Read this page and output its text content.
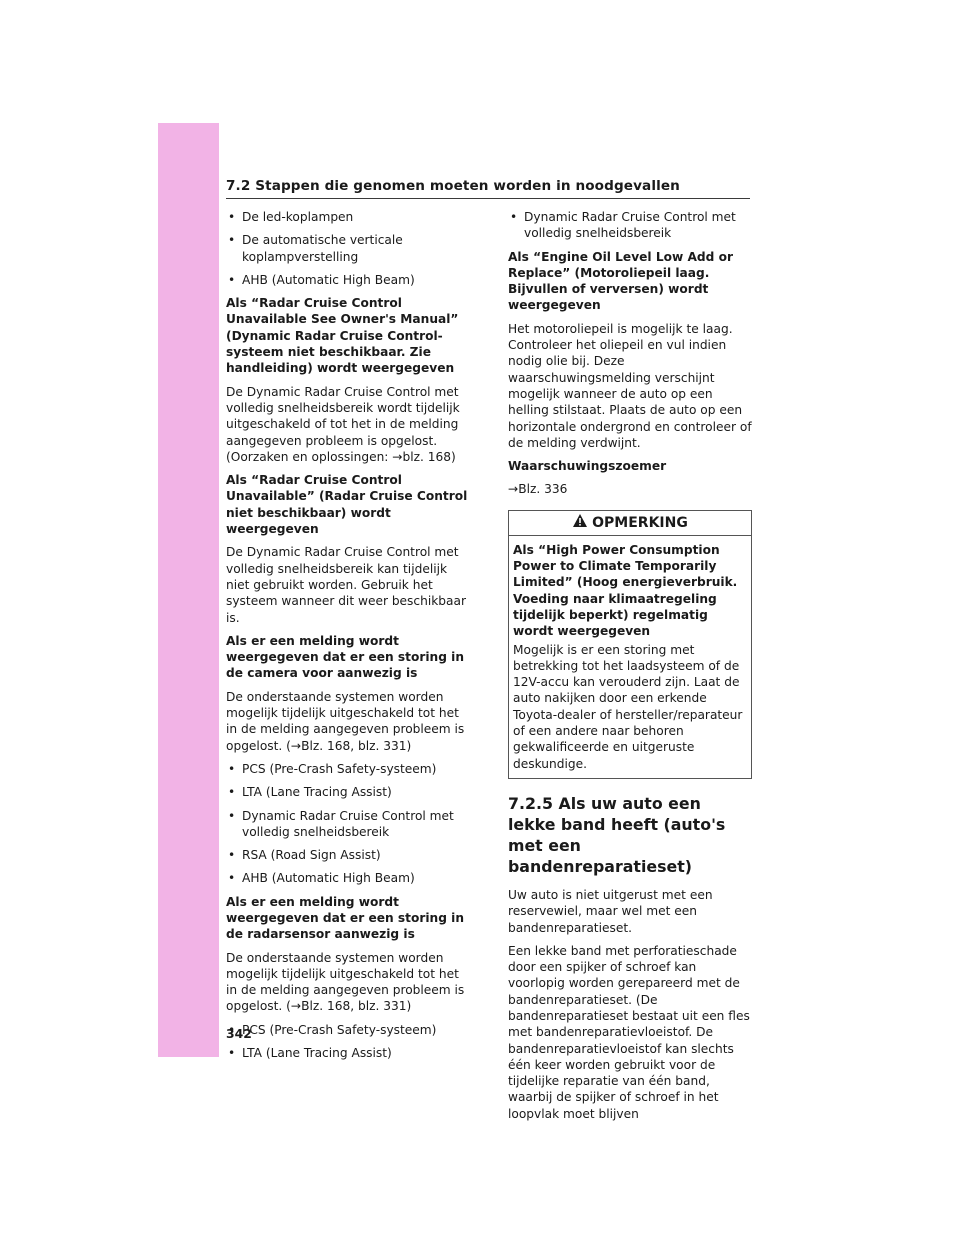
7.2 Stappen die genomen moeten worden in noodgevallen

• De led-koplampen

• De automatische verticale koplampverstelling

• AHB (Automatic High Beam)

Als “Radar Cruise Control Unavailable See Owner's Manual” (Dynamic Radar Cruise Control-systeem niet beschikbaar. Zie handleiding) wordt weergegeven

De Dynamic Radar Cruise Control met volledig snelheidsbereik wordt tijdelijk uitgeschakeld of tot het in de melding aangegeven probleem is opgelost. (Oorzaken en oplossingen: →blz. 168)

Als “Radar Cruise Control Unavailable” (Radar Cruise Control niet beschikbaar) wordt weergegeven

De Dynamic Radar Cruise Control met volledig snelheidsbereik kan tijdelijk niet gebruikt worden. Gebruik het systeem wanneer dit weer beschikbaar is.

Als er een melding wordt weergegeven dat er een storing in de camera voor aanwezig is

De onderstaande systemen worden mogelijk tijdelijk uitgeschakeld tot het in de melding aangegeven probleem is opgelost. (→Blz. 168, blz. 331)

• PCS (Pre-Crash Safety-systeem)

• LTA (Lane Tracing Assist)

• Dynamic Radar Cruise Control met volledig snelheidsbereik

• RSA (Road Sign Assist)

• AHB (Automatic High Beam)

Als er een melding wordt weergegeven dat er een storing in de radarsensor aanwezig is

De onderstaande systemen worden mogelijk tijdelijk uitgeschakeld tot het in de melding aangegeven probleem is opgelost. (→Blz. 168, blz. 331)

• PCS (Pre-Crash Safety-systeem)

• LTA (Lane Tracing Assist)

• Dynamic Radar Cruise Control met volledig snelheidsbereik

Als “Engine Oil Level Low Add or Replace” (Motoroliepeil laag. Bijvullen of verversen) wordt weergegeven

Het motoroliepeil is mogelijk te laag. Controleer het oliepeil en vul indien nodig olie bij. Deze waarschuwingsmelding verschijnt mogelijk wanneer de auto op een helling stilstaat. Plaats de auto op een horizontale ondergrond en controleer of de melding verdwijnt.

Waarschuwingszoemer

→Blz. 336

OPMERKING

Als “High Power Consumption Power to Climate Temporarily Limited” (Hoog energieverbruik. Voeding naar klimaatregeling tijdelijk beperkt) regelmatig wordt weergegeven

Mogelijk is er een storing met betrekking tot het laadsysteem of de 12V-accu kan verouderd zijn. Laat de auto nakijken door een erkende Toyota-dealer of hersteller/reparateur of een andere naar behoren gekwalificeerde en uitgeruste deskundige.

7.2.5 Als uw auto een lekke band heeft (auto's met een bandenreparatieset)

Uw auto is niet uitgerust met een reservewiel, maar wel met een bandenreparatieset.

Een lekke band met perforatieschade door een spijker of schroef kan voorlopig worden gerepareerd met de bandenreparatieset. (De bandenreparatieset bestaat uit een fles met bandenreparatievloeistof. De bandenreparatievloeistof kan slechts één keer worden gebruikt voor de tijdelijke reparatie van één band, waarbij de spijker of schroef in het loopvlak moet blijven

342
